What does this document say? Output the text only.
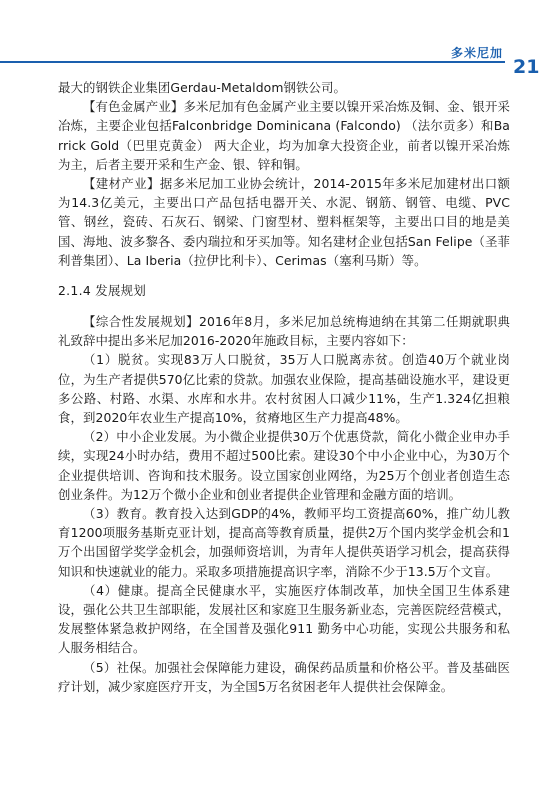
多米尼加
21

最大的钢铁企业集团Gerdau-Metaldom钢铁公司。

【有色金属产业】多米尼加有色金属产业主要以镍开采冶炼及铜、金、银开采冶炼，主要企业包括Falconbridge Dominicana (Falcondo) （法尔贡多）和Barrick Gold（巴里克黄金） 两大企业，均为加拿大投资企业，前者以镍开采冶炼为主，后者主要开采和生产金、银、锌和铜。

【建材产业】据多米尼加工业协会统计，2014-2015年多米尼加建材出口额为14.3亿美元，主要出口产品包括电器开关、水泥、钢筋、钢管、电缆、PVC管、钢丝，瓷砖、石灰石、钢梁、门窗型材、塑料框架等，主要出口目的地是美国、海地、波多黎各、委内瑞拉和牙买加等。知名建材企业包括San Felipe（圣菲利普集团）、La Iberia（拉伊比利卡）、Cerimas（塞利马斯）等。

2.1.4 发展规划

【综合性发展规划】2016年8月，多米尼加总统梅迪纳在其第二任期就职典礼致辞中提出多米尼加2016-2020年施政目标，主要内容如下：

（1）脱贫。实现83万人口脱贫，35万人口脱离赤贫。创造40万个就业岗位，为生产者提供570亿比索的贷款。加强农业保险，提高基础设施水平，建设更多公路、村路、水渠、水库和水井。农村贫困人口减少11%，生产1.324亿担粮食，到2020年农业生产提高10%，贫瘠地区生产力提高48%。

（2）中小企业发展。为小微企业提供30万个优惠贷款，简化小微企业申办手续，实现24小时办结，费用不超过500比索。建设30个中小企业中心，为30万个企业提供培训、咨询和技术服务。设立国家创业网络，为25万个创业者创造生态创业条件。为12万个微小企业和创业者提供企业管理和金融方面的培训。

（3）教育。教育投入达到GDP的4%，教师平均工资提高60%，推广幼儿教育1200项服务基斯克亚计划，提高高等教育质量，提供2万个国内奖学金机会和1万个出国留学奖学金机会，加强师资培训，为青年人提供英语学习机会，提高获得知识和快速就业的能力。采取多项措施提高识字率，消除不少于13.5万个文盲。

（4）健康。提高全民健康水平，实施医疗体制改革，加快全国卫生体系建设，强化公共卫生部职能，发展社区和家庭卫生服务新业态，完善医院经营模式，发展整体紧急救护网络，在全国普及强化911 勤务中心功能，实现公共服务和私人服务相结合。

（5）社保。加强社会保障能力建设，确保药品质量和价格公平。普及基础医疗计划，减少家庭医疗开支，为全国5万名贫困老年人提供社会保障金。
